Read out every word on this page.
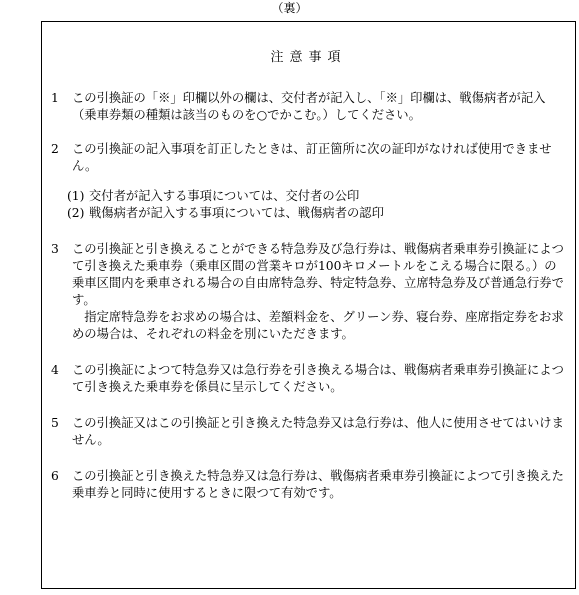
（裏）
注意事項
1 この引換証の「※」印欄以外の欄は、交付者が記入し、「※」印欄は、戦傷病者が記入（乗車券類の種類は該当のものを○でかこむ。）してください。

2 この引換証の記入事項を訂正したときは、訂正箇所に次の証印がなければ使用できません。

(1) 交付者が記入する事項については、交付者の公印
(2) 戦傷病者が記入する事項については、戦傷病者の認印
3 この引換証と引き換えることができる特急券及び急行券は、戦傷病者乗車券引換証によつて引き換えた乗車券（乗車区間の営業キロが100キロメートルをこえる場合に限る。）の乗車区間内を乗車される場合の自由席特急券、特定特急券、立席特急券及び普通急行券です。

指定席特急券をお求めの場合は、差額料金を、グリーン券、寝台券、座席指定券をお求めの場合は、それぞれの料金を別にいただきます。

4 この引換証によつて特急券又は急行券を引き換える場合は、戦傷病者乗車券引換証によつて引き換えた乗車券を係員に呈示してください。

5 この引換証又はこの引換証と引き換えた特急券又は急行券は、他人に使用させてはいけません。

6 この引換証と引き換えた特急券又は急行券は、戦傷病者乗車券引換証によつて引き換えた乗車券と同時に使用するときに限つて有効です。
